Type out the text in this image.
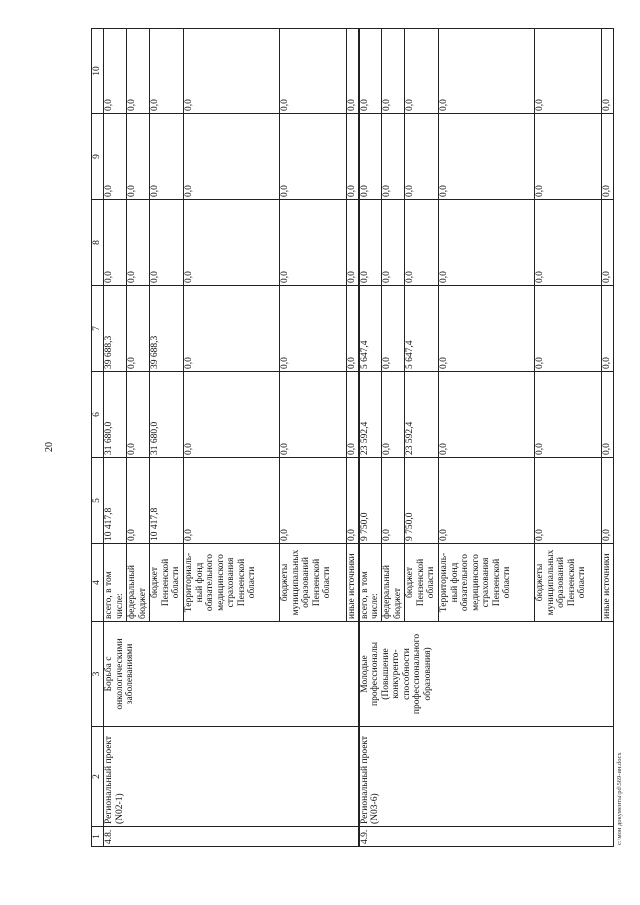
20
1	2	3	4	5	6	7	8	9	10
4.8.	Региональный проект (N02-1)	Борьба с онкологическими заболеваниями	всего, в том числе:	10 417,8	31 680,0	39 688,3	0,0	0,0	0,0
			федеральный бюджет	0,0	0,0	0,0	0,0	0,0	0,0
			бюджет Пензенской области	10 417,8	31 680,0	39 688,3	0,0	0,0	0,0
			Территориаль-ный фонд обязательного медицинского страхования Пензенской области	0,0	0,0	0,0	0,0	0,0	0,0
			бюджеты муниципальных образований Пензенской области	0,0	0,0	0,0	0,0	0,0	0,0
			иные источники	0,0	0,0	0,0	0,0	0,0	0,0
4.9.	Региональный проект (N03-6)	Молодые профессионалы (Повышение конкуренто-способности профессионального образования)	всего, в том числе:	9 750,0	23 592,4	5 647,4	0,0	0,0	0,0
			федеральный бюджет	0,0	0,0	0,0	0,0	0,0	0,0
			бюджет Пензенской области	9 750,0	23 592,4	5 647,4	0,0	0,0	0,0
			Территориаль-ный фонд обязательного медицинского страхования Пензенской области	0,0	0,0	0,0	0,0	0,0	0,0
			бюджеты муниципальных образований Пензенской области	0,0	0,0	0,0	0,0	0,0	0,0
			иные источники	0,0	0,0	0,0	0,0	0,0	0,0
c:\мои документы\pd\569-ин.docx
